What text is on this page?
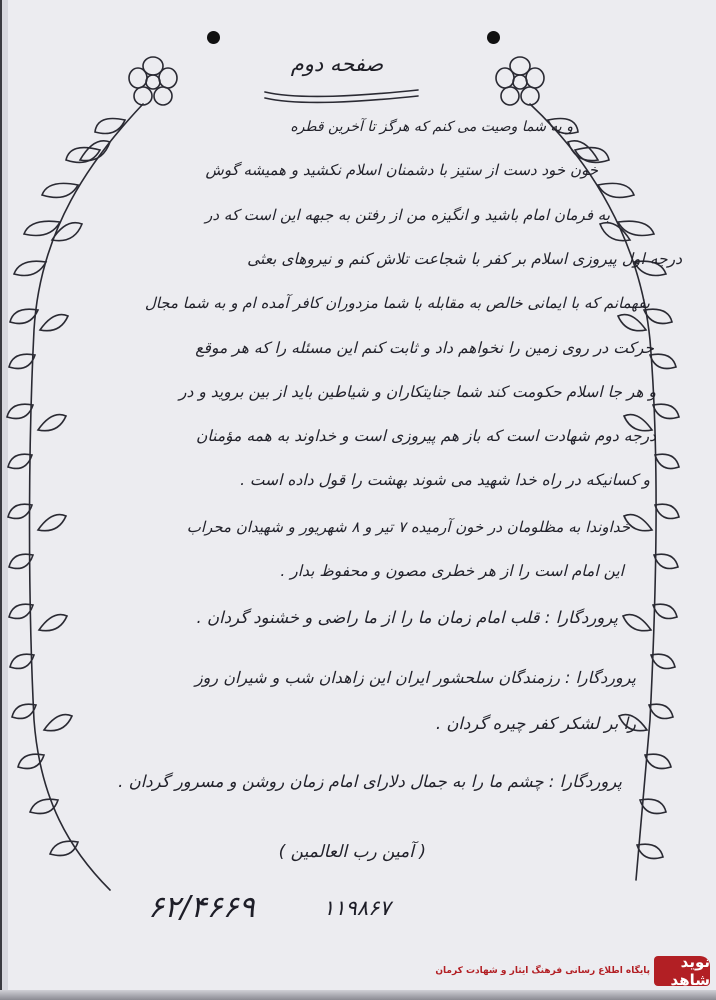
صفحه دوم
و به شما وصیت می کنم که هرگز تا آخرین قطره
خون خود دست از ستیز با دشمنان اسلام نکشید و همیشه گوش
به فرمان امام باشید و انگیزه من از رفتن به جبهه این است که در
درجه اول پیروزی اسلام بر کفر با شجاعت تلاش کنم و نیروهای بعثی
بفهمانم که با ایمانی خالص به مقابله با شما مزدوران کافر آمده ام و به شما مجال
حرکت در روی زمین را نخواهم داد و ثابت کنم این مسئله را که هر موقع
و هر جا اسلام حکومت کند شما جنایتکاران و شیاطین باید از بین بروید و در
درجه دوم شهادت است که باز هم پیروزی است و خداوند به همه مؤمنان
و کسانیکه در راه خدا شهید می شوند بهشت را قول داده است .
خداوندا به مظلومان در خون آرمیده ۷ تیر و ۸ شهریور و شهیدان محراب
این امام است را از هر خطری مصون و محفوظ بدار .
پروردگارا : قلب امام زمان ما را از ما راضی و خشنود گردان .
پروردگارا : رزمندگان سلحشور ایران این زاهدان شب و شیران روز
را بر لشکر کفر چیره گردان .
پروردگارا : چشم ما را به جمال دلارای امام زمان روشن و مسرور گردان .
( آمین رب العالمین )
۶۲/۴۶۶۹	۱۱۹۸۶۷
نوید شاهد
پایگاه اطلاع رسانی فرهنگ ایثار و شهادت کرمان
